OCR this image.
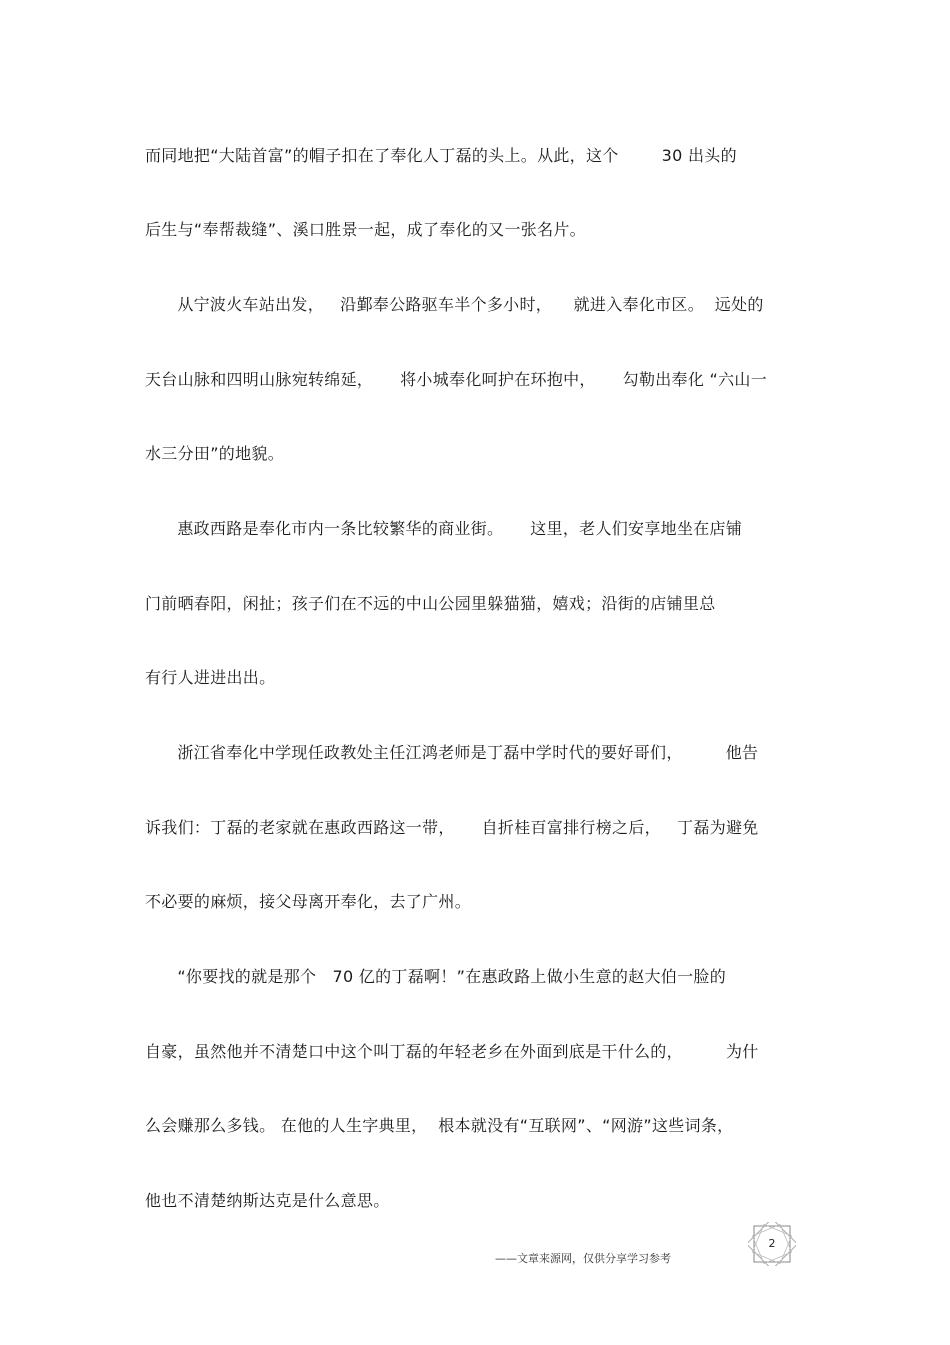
而同地把“大陆首富”的帽子扣在了奉化人丁磊的头上。从此，这个        30 出头的
后生与“奉帮裁缝”、溪口胜景一起，成了奉化的又一张名片。
从宁波火车站出发，   沿鄞奉公路驱车半个多小时，    就进入奉化市区。  远处的
天台山脉和四明山脉宛转绵延，     将小城奉化呵护在环抱中，     勾勒出奉化 “六山一
水三分田”的地貌。
惠政西路是奉化市内一条比较繁华的商业街。     这里，老人们安享地坐在店铺
门前晒春阳，闲扯；孩子们在不远的中山公园里躲猫猫，嬉戏；沿街的店铺里总
有行人进进出出。
浙江省奉化中学现任政教处主任江鸿老师是丁磊中学时代的要好哥们，        他告
诉我们：丁磊的老家就在惠政西路这一带，     自折桂百富排行榜之后，   丁磊为避免
不必要的麻烦，接父母离开奉化，去了广州。
“你要找的就是那个   70 亿的丁磊啊！”在惠政路上做小生意的赵大伯一脸的
自豪，虽然他并不清楚口中这个叫丁磊的年轻老乡在外面到底是干什么的，        为什
么会赚那么多钱。 在他的人生字典里，  根本就没有“互联网”、“网游”这些词条，
他也不清楚纳斯达克是什么意思。
——文章来源网，仅供分享学习参考
2
